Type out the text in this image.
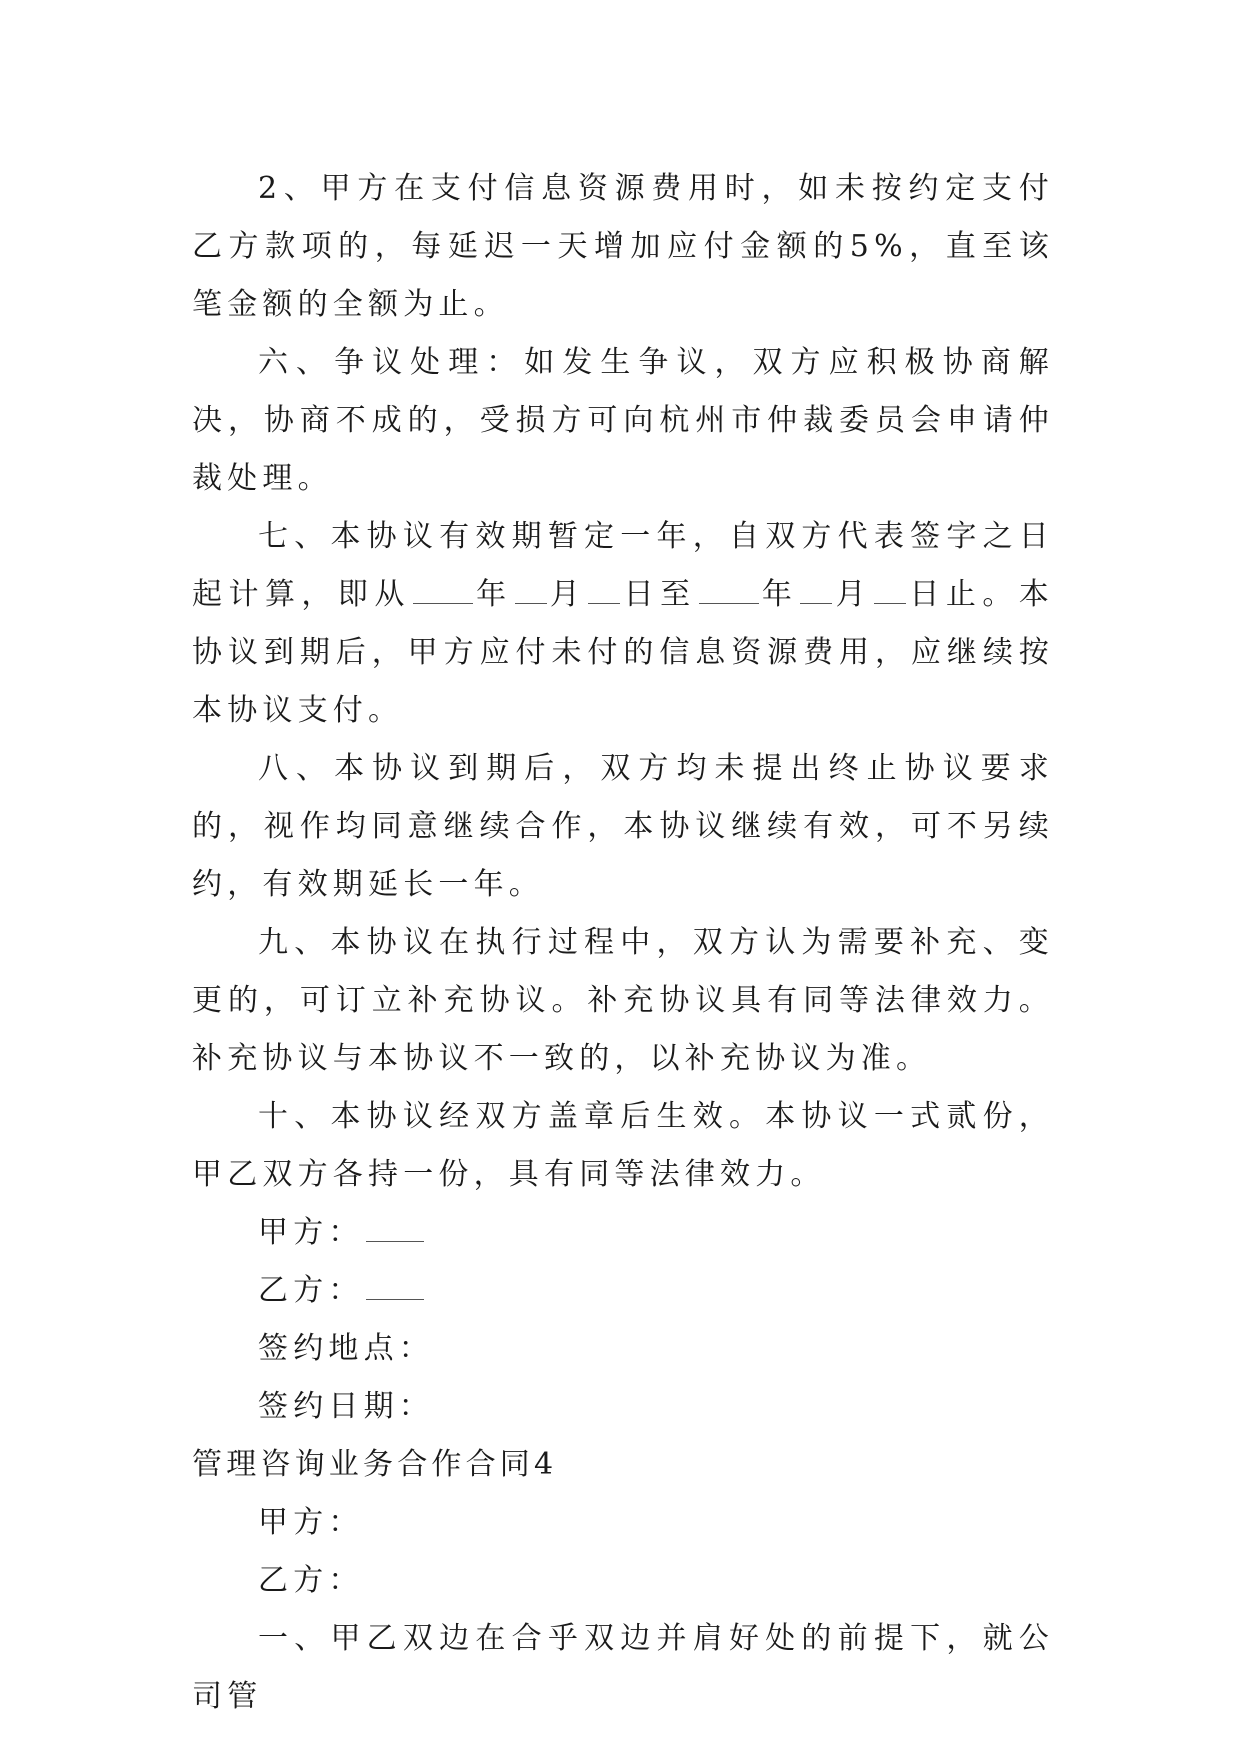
2、甲方在支付信息资源费用时，如未按约定支付乙方款项的，每延迟一天增加应付金额的5%，直至该笔金额的全额为止。

六、争议处理：如发生争议，双方应积极协商解决，协商不成的，受损方可向杭州市仲裁委员会申请仲裁处理。

七、本协议有效期暂定一年，自双方代表签字之日起计算，即从 年 月 日至 年 月 日止。本协议到期后，甲方应付未付的信息资源费用，应继续按本协议支付。

八、本协议到期后，双方均未提出终止协议要求的，视作均同意继续合作，本协议继续有效，可不另续约，有效期延长一年。

九、本协议在执行过程中，双方认为需要补充、变更的，可订立补充协议。补充协议具有同等法律效力。补充协议与本协议不一致的，以补充协议为准。

十、本协议经双方盖章后生效。本协议一式贰份，甲乙双方各持一份，具有同等法律效力。

甲方：

乙方：

签约地点：

签约日期：

管理咨询业务合作合同4

甲方：

乙方：

一、甲乙双边在合乎双边并肩好处的前提下，就公司管
